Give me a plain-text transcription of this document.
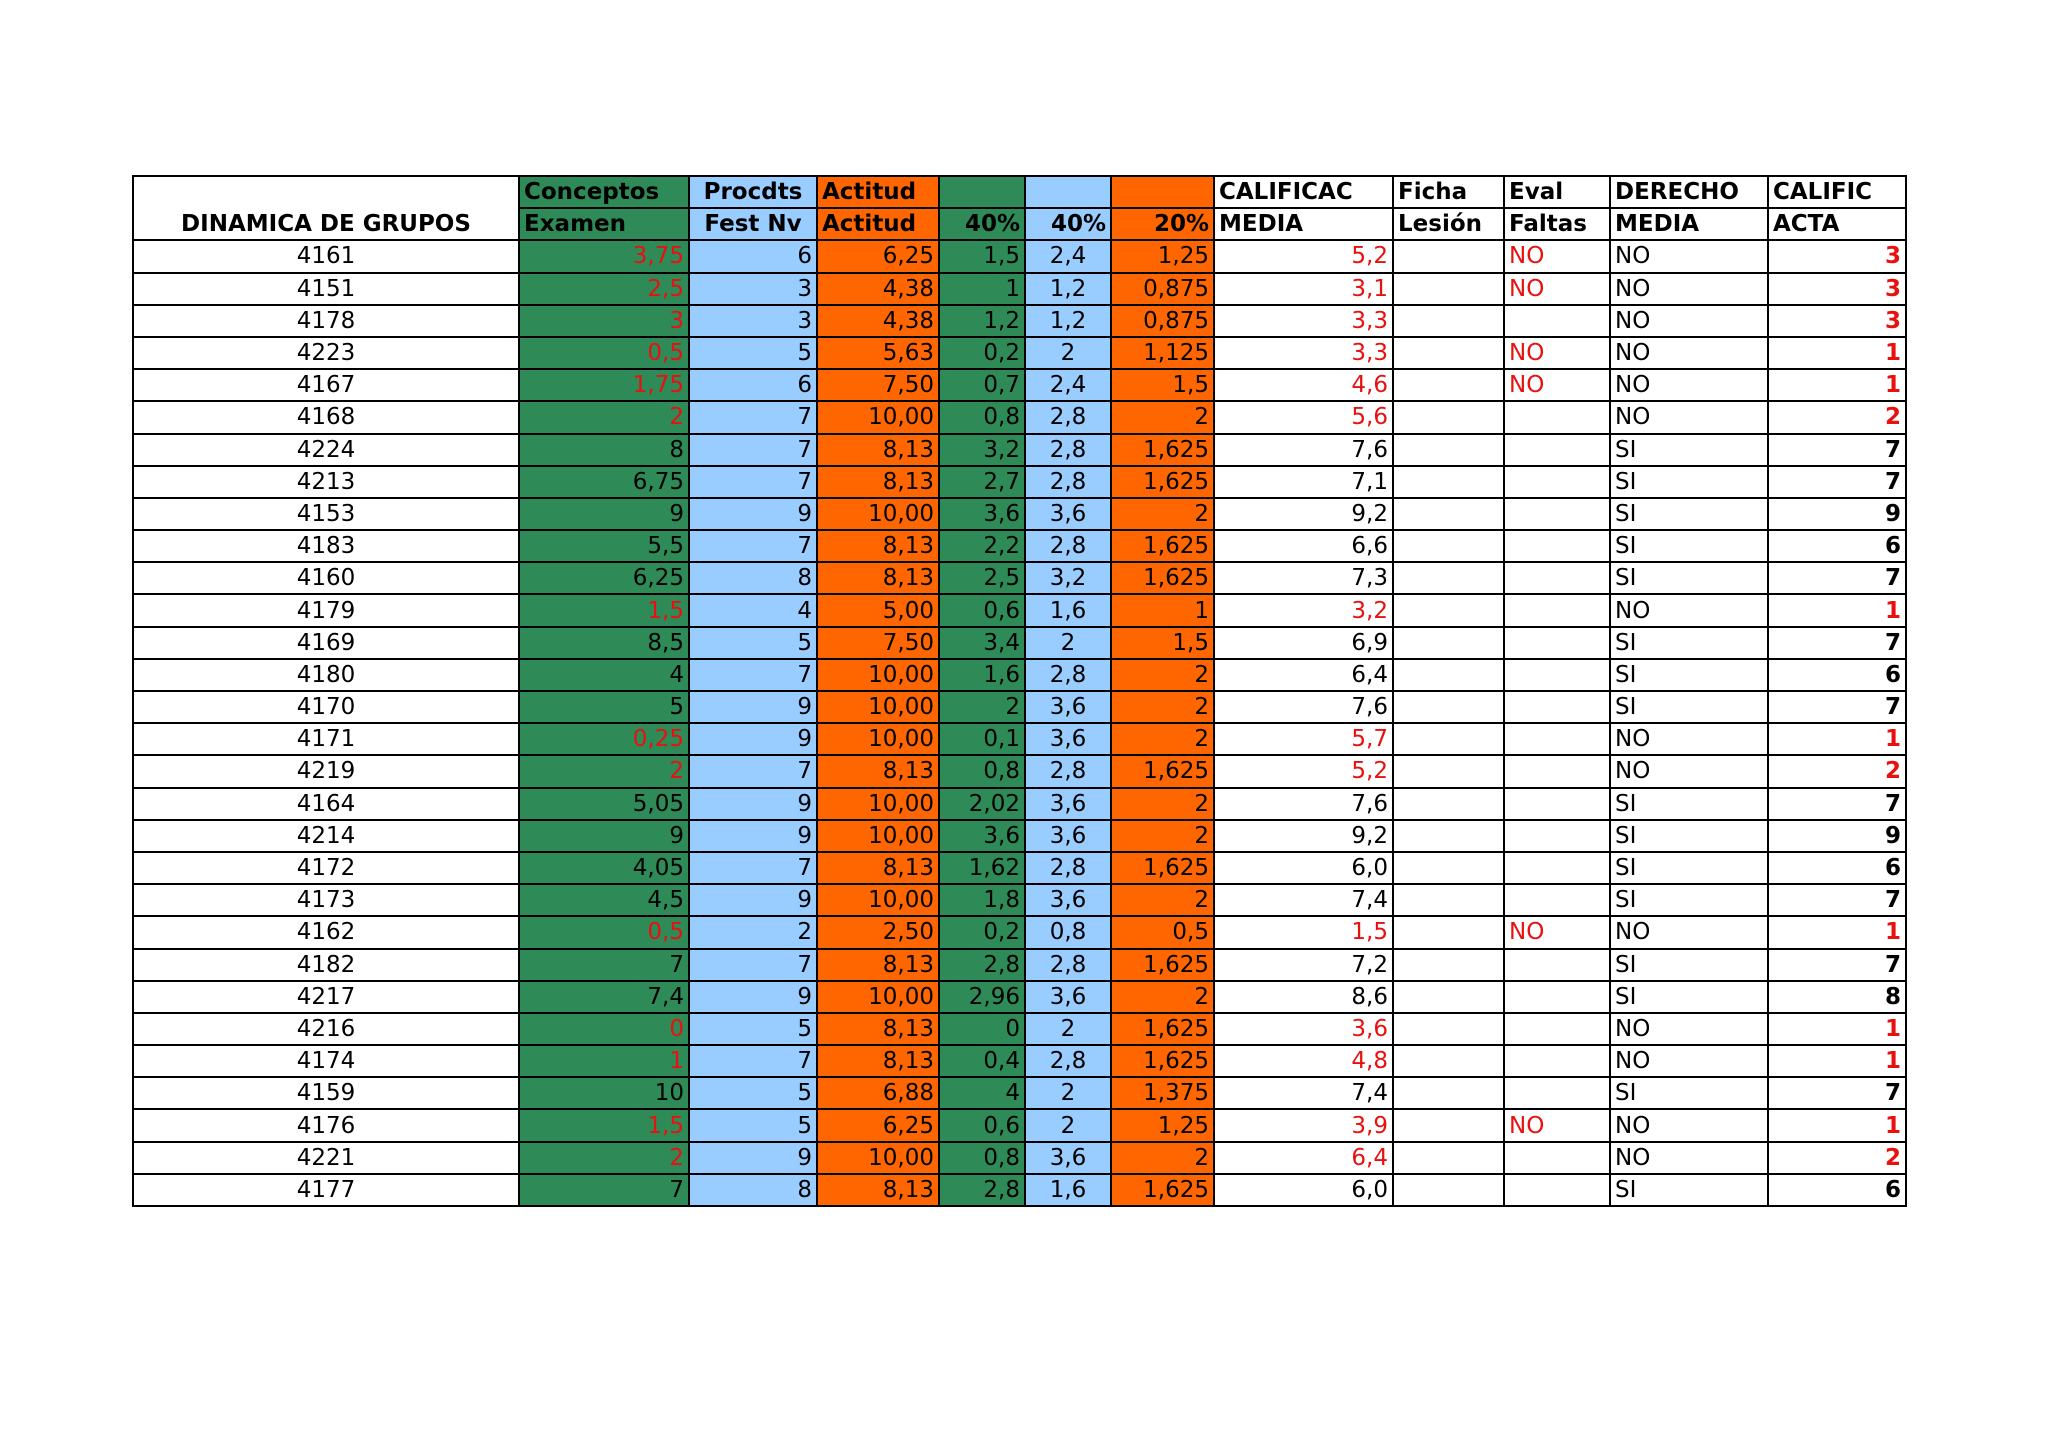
DINAMICA DE GRUPOS	Conceptos	Procdts	Actitud				CALIFICAC	Ficha	Eval	DERECHO	CALIFIC
	Examen	Fest Nv	Actitud	40%	40%	20%	MEDIA	Lesión	Faltas	MEDIA	ACTA
4161	3,75	6	6,25	1,5	2,4	1,25	5,2		NO	NO	3
4151	2,5	3	4,38	1	1,2	0,875	3,1		NO	NO	3
4178	3	3	4,38	1,2	1,2	0,875	3,3			NO	3
4223	0,5	5	5,63	0,2	2	1,125	3,3		NO	NO	1
4167	1,75	6	7,50	0,7	2,4	1,5	4,6		NO	NO	1
4168	2	7	10,00	0,8	2,8	2	5,6			NO	2
4224	8	7	8,13	3,2	2,8	1,625	7,6			SI	7
4213	6,75	7	8,13	2,7	2,8	1,625	7,1			SI	7
4153	9	9	10,00	3,6	3,6	2	9,2			SI	9
4183	5,5	7	8,13	2,2	2,8	1,625	6,6			SI	6
4160	6,25	8	8,13	2,5	3,2	1,625	7,3			SI	7
4179	1,5	4	5,00	0,6	1,6	1	3,2			NO	1
4169	8,5	5	7,50	3,4	2	1,5	6,9			SI	7
4180	4	7	10,00	1,6	2,8	2	6,4			SI	6
4170	5	9	10,00	2	3,6	2	7,6			SI	7
4171	0,25	9	10,00	0,1	3,6	2	5,7			NO	1
4219	2	7	8,13	0,8	2,8	1,625	5,2			NO	2
4164	5,05	9	10,00	2,02	3,6	2	7,6			SI	7
4214	9	9	10,00	3,6	3,6	2	9,2			SI	9
4172	4,05	7	8,13	1,62	2,8	1,625	6,0			SI	6
4173	4,5	9	10,00	1,8	3,6	2	7,4			SI	7
4162	0,5	2	2,50	0,2	0,8	0,5	1,5		NO	NO	1
4182	7	7	8,13	2,8	2,8	1,625	7,2			SI	7
4217	7,4	9	10,00	2,96	3,6	2	8,6			SI	8
4216	0	5	8,13	0	2	1,625	3,6			NO	1
4174	1	7	8,13	0,4	2,8	1,625	4,8			NO	1
4159	10	5	6,88	4	2	1,375	7,4			SI	7
4176	1,5	5	6,25	0,6	2	1,25	3,9		NO	NO	1
4221	2	9	10,00	0,8	3,6	2	6,4			NO	2
4177	7	8	8,13	2,8	1,6	1,625	6,0			SI	6
